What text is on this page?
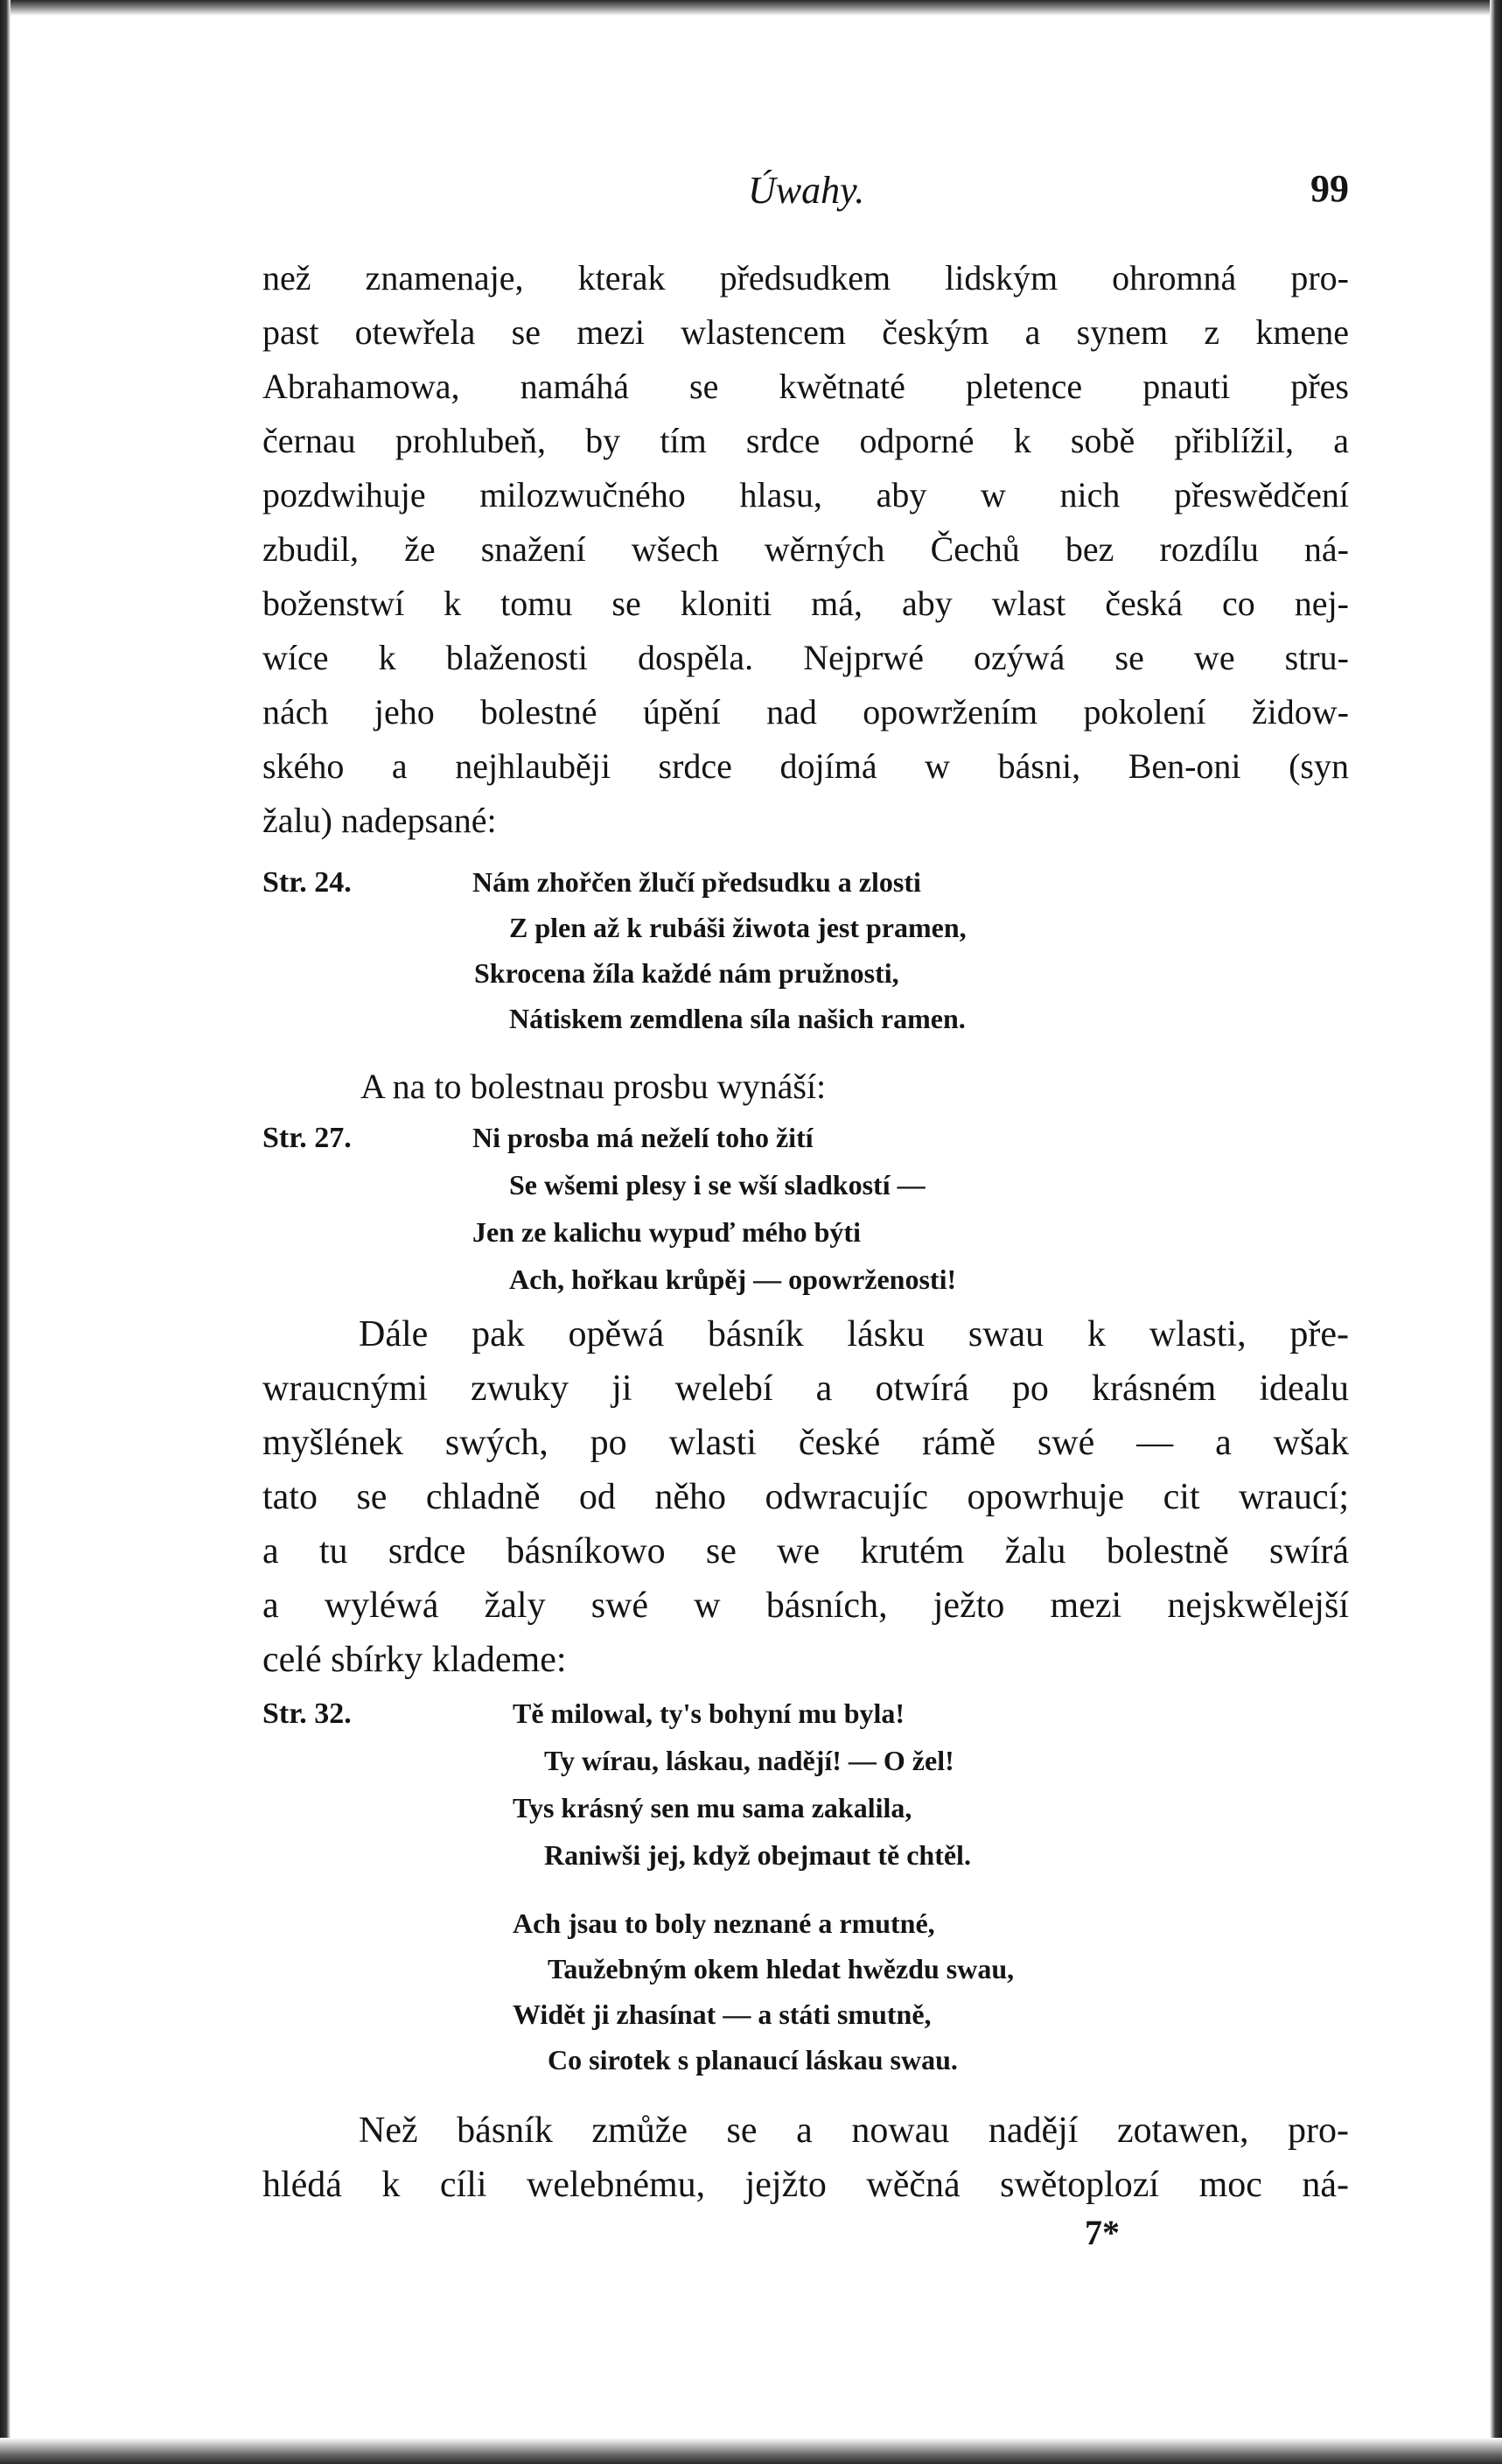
Úwahy.	99
než znamenaje, kterak předsudkem lidským ohromná pro-
past otewřela se mezi wlastencem českým a synem z kmene
Abrahamowa, namáhá se kwětnaté pletence pnauti přes
černau prohlubeň, by tím srdce odporné k sobě přiblížil, a
pozdwihuje milozwučného hlasu, aby w nich přeswědčení
zbudil, že snažení wšech wěrných Čechů bez rozdílu ná-
boženstwí k tomu se kloniti má, aby wlast česká co nej-
wíce k blaženosti dospěla. Nejprwé ozýwá se we stru-
nách jeho bolestné úpění nad opowržením pokolení židow-
ského a nejhlauběji srdce dojímá w básni, Ben-oni (syn
žalu) nadepsané:
Str. 24.	Nám zhořčen žlučí předsudku a zlosti
Z plen až k rubáši žiwota jest pramen,
Skrocena žíla každé nám pružnosti,
Nátiskem zemdlena síla našich ramen.
A na to bolestnau prosbu wynáší:
Str. 27.	Ni prosba má neželí toho žití
Se wšemi plesy i se wší sladkostí —
Jen ze kalichu wypuď mého býti
Ach, hořkau krůpěj — opowrženosti!
Dále pak opěwá básník lásku swau k wlasti, pře-
wraucnými zwuky ji welebí a otwírá po krásném idealu
myšlének swých, po wlasti české rámě swé — a wšak
tato se chladně od něho odwracujíc opowrhuje cit wraucí;
a tu srdce básníkowo se we krutém žalu bolestně swírá
a wyléwá žaly swé w básních, ježto mezi nejskwělejší
celé sbírky klademe:
Str. 32.	Tě milowal, ty's bohyní mu byla!
Ty wírau, láskau, nadějí! — O žel!
Tys krásný sen mu sama zakalila,
Raniwši jej, když obejmaut tě chtěl.
Ach jsau to boly neznané a rmutné,
Taužebným okem hledat hwězdu swau,
Widět ji zhasínat — a státi smutně,
Co sirotek s planaucí láskau swau.
Než básník zmůže se a nowau nadějí zotawen, pro-
hlédá k cíli welebnému, jejžto wěčná swětoplozí moc ná-
7*
